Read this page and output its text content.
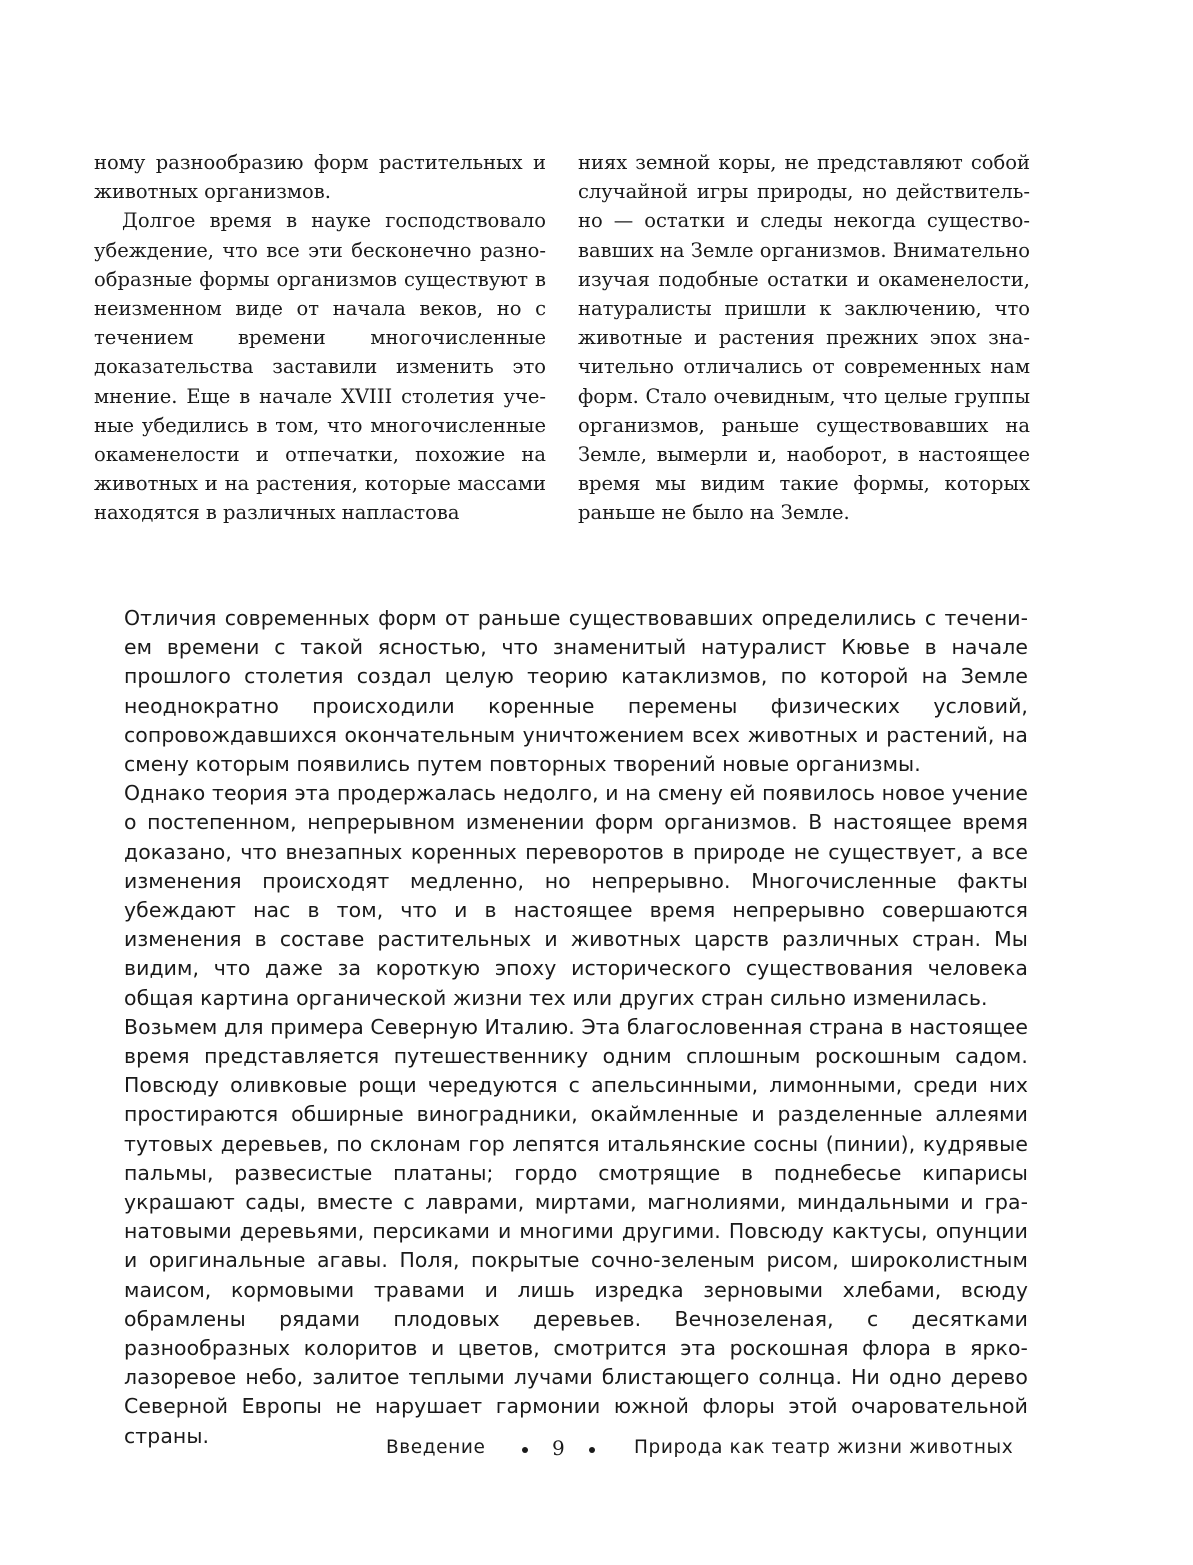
ному разнообразию форм растительных и животных организмов.

Долгое время в науке господствовало убеждение, что все эти бесконечно разнообразные формы организмов существуют в неизменном виде от начала веков, но с течением времени многочисленные доказательства заставили изменить это мнение. Еще в начале XVIII столетия ученые убедились в том, что многочисленные окаменелости и отпечатки, похожие на животных и на растения, которые массами находятся в различных напластова

ниях земной коры, не представляют собой случайной игры природы, но действительно — остатки и следы некогда существовавших на Земле организмов. Внимательно изучая подобные остатки и окаменелости, натуралисты пришли к заключению, что животные и растения прежних эпох значительно отличались от современных нам форм. Стало очевидным, что целые группы организмов, раньше существовавших на Земле, вымерли и, наоборот, в настоящее время мы видим такие формы, которых раньше не было на Земле.

Отличия современных форм от раньше существовавших определились с течением времени с такой ясностью, что знаменитый натуралист Кювье в начале прошлого столетия создал целую теорию катаклизмов, по которой на Земле неоднократно происходили коренные перемены физических условий, сопровождавшихся окончательным уничтожением всех животных и растений, на смену которым появились путем повторных творений новые организмы.

Однако теория эта продержалась недолго, и на смену ей появилось новое учение о постепенном, непрерывном изменении форм организмов. В настоящее время доказано, что внезапных коренных переворотов в природе не существует, а все изменения происходят медленно, но непрерывно. Многочисленные факты убеждают нас в том, что и в настоящее время непрерывно совершаются изменения в составе растительных и животных царств различных стран. Мы видим, что даже за короткую эпоху исторического существования человека общая картина органической жизни тех или других стран сильно изменилась.

Возьмем для примера Северную Италию. Эта благословенная страна в настоящее время представляется путешественнику одним сплошным роскошным садом. Повсюду оливковые рощи чередуются с апельсинными, лимонными, среди них простираются обширные виноградники, окаймленные и разделенные аллеями тутовых деревьев, по склонам гор лепятся итальянские сосны (пинии), кудрявые пальмы, развесистые платаны; гордо смотрящие в поднебесье кипарисы украшают сады, вместе с лаврами, миртами, магнолиями, миндальными и гранатовыми деревьями, персиками и многими другими. Повсюду кактусы, опунции и оригинальные агавы. Поля, покрытые сочно-зеленым рисом, широколистным маисом, кормовыми травами и лишь изредка зерновыми хлебами, всюду обрамлены рядами плодовых деревьев. Вечнозеленая, с десятками разнообразных колоритов и цветов, смотрится эта роскошная флора в ярко-лазоревое небо, залитое теплыми лучами блистающего солнца. Ни одно дерево Северной Европы не нарушает гармонии южной флоры этой очаровательной страны.	Введение	9	Природа как театр жизни животных
